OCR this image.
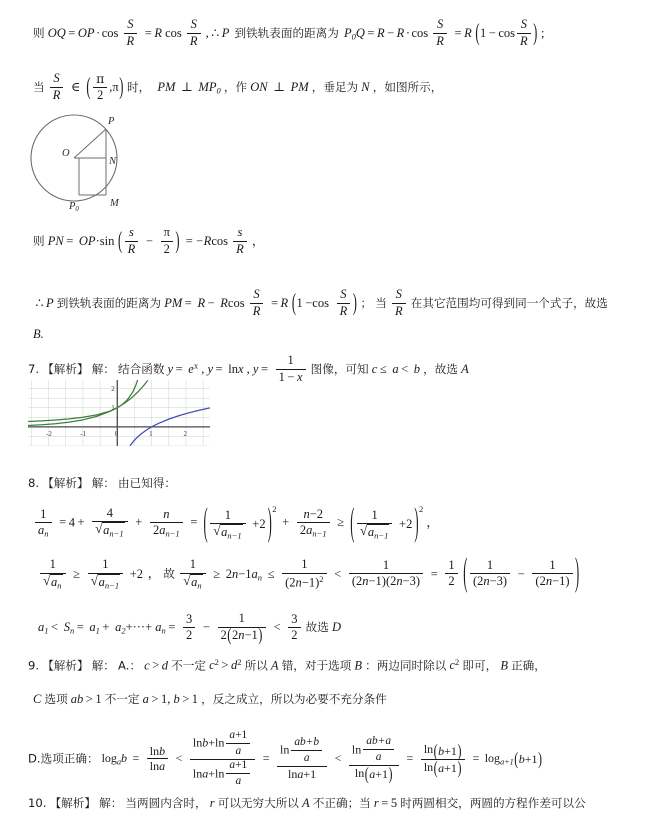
则 OQ = OP · $\cos \frac{S}{R} = R$ $\cos \frac{S}{R}$ , ∴ P 到铁轨表面的距离为 $P_0Q = R - R \cdot \cos \frac{S}{R} = R$ ($1 - \cos \frac{S}{R}$ ) ;
当 $\frac{S}{R}$ ∈ ( $\frac{\pi}{2} ,\pi$) 时， PM ⊥ $MP_0$ ，作 ON ⊥ PM ，垂足为 N ，如图所示，
O
P
N
M
P0
则 PN = OP·sin ( $\frac{s}{R} - \frac{\pi}{2}$ ) = $-Rcos \frac{s}{R}$ ，
∴ P 到铁轨表面的距离为 PM = R − Rcos $\frac{S}{R} = R$ ($1 -\cos \frac{S}{R}$ ) ； 当 $\frac{S}{R}$ 在其它范围均可得到同一个式子，故选
B.
7. 【解析】 解： 结合函数 $y = e^x$ , y = lnx , $y = \frac{1}{1 - x}$ 图像，可知 c ≤ a < b ，故选 A
-2	-1	0	1	2
1
2
8. 【解析】 解： 由已知得：
$\frac{1}{a_n} = 4 + 4$
√ $a_{n-1} + \frac{n}{2a_{n-1}}$ = ( 1
√ $a_{n-1} +2$ )$^2 + \frac{n-2}{2a_{n-1}}$ ≥ ( 1
√ $a_{n-1} +2$ )$^2$ ，
1
√ $a_n \ge 1$
√ $a_{n-1} +2$ ， 故 1
√ $a_n \ge 2n-1a_n \le \frac{1}{(2n-1)^2} < \frac{1}{(2n-1)(2n-3)} = \frac{1}{2}$ ( $\frac{1}{(2n-3)} - \frac{1}{(2n-1)}$ )
$a_1 < S_n = a_1 + a_2+\cdot\cdot\cdot+ a_n = \frac{3}{2} - \frac{1}{2(2n-1)} < \frac{3}{2}$ 故选 D
9. 【解析】 解： A.： c > d 不一定 $c^2 > d^2$ 所以 A 错，对于选项 B ：两边同时除以 $c^2$ 即可， B 正确，
C 选项 ab > 1 不一定 a > 1, b > 1 ，反之成立，所以为必要不充分条件
D.选项正确： $\log_ab = \frac{\ln b}{\ln a} < \frac{\ln b+\ln \frac{a+1}{a}}{\ln a+\ln \frac{a+1}{a}} = \frac{\ln \frac{ab+b}{a}}{\ln a+1} < \frac{\ln \frac{ab+a}{a}}{\ln(a+1)} = \frac{\ln(b+1)}{\ln(a+1)} = \log_{a+1}(b+1)$
10. 【解析】 解： 当两圆内含时， r 可以无穷大所以 A 不正确；当 r = 5 时两圆相交，两圆的方程作差可以公
